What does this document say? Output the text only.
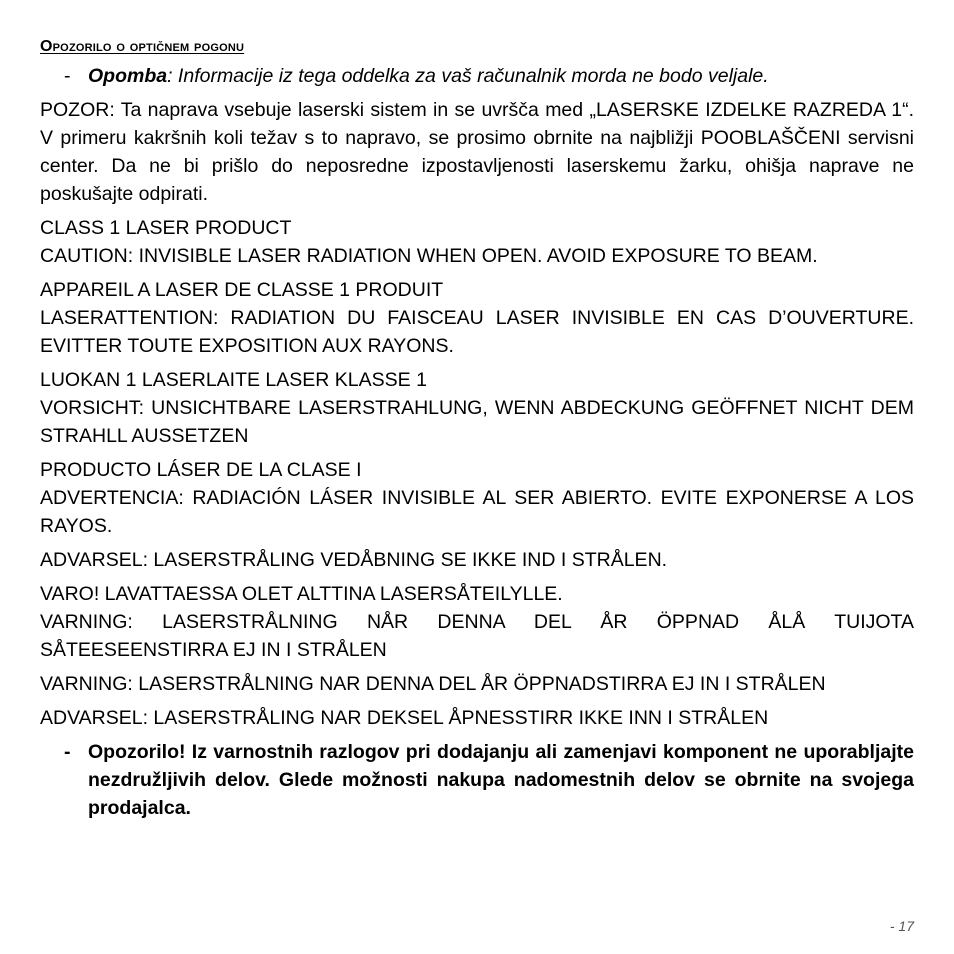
Opozorilo o optičnem pogonu
- Opomba: Informacije iz tega oddelka za vaš računalnik morda ne bodo veljale.

POZOR: Ta naprava vsebuje laserski sistem in se uvršča med „LASERSKE IZDELKE RAZREDA 1“. V primeru kakršnih koli težav s to napravo, se prosimo obrnite na najbližji POOBLAŠČENI servisni center. Da ne bi prišlo do neposredne izpostavljenosti laserskemu žarku, ohišja naprave ne poskušajte odpirati.

CLASS 1 LASER PRODUCT
CAUTION: INVISIBLE LASER RADIATION WHEN OPEN. AVOID EXPOSURE TO BEAM.

APPAREIL A LASER DE CLASSE 1 PRODUIT
LASERATTENTION: RADIATION DU FAISCEAU LASER INVISIBLE EN CAS D’OUVERTURE. EVITTER TOUTE EXPOSITION AUX RAYONS.

LUOKAN 1 LASERLAITE LASER KLASSE 1
VORSICHT: UNSICHTBARE LASERSTRAHLUNG, WENN ABDECKUNG GEÖFFNET NICHT DEM STRAHLL AUSSETZEN

PRODUCTO LÁSER DE LA CLASE I
ADVERTENCIA: RADIACIÓN LÁSER INVISIBLE AL SER ABIERTO. EVITE EXPONERSE A LOS RAYOS.

ADVARSEL: LASERSTRÅLING VEDÅBNING SE IKKE IND I STRÅLEN.

VARO! LAVATTAESSA OLET ALTTINA LASERSÅTEILYLLE.
VARNING: LASERSTRÅLNING NÅR DENNA DEL ÅR ÖPPNAD ÅLÅ TUIJOTA SÅTEESEENSTIRRA EJ IN I STRÅLEN

VARNING: LASERSTRÅLNING NAR DENNA DEL ÅR ÖPPNADSTIRRA EJ IN I STRÅLEN

ADVARSEL: LASERSTRÅLING NAR DEKSEL ÅPNESSTIRR IKKE INN I STRÅLEN

- Opozorilo! Iz varnostnih razlogov pri dodajanju ali zamenjavi komponent ne uporabljajte nezdružljivih delov. Glede možnosti nakupa nadomestnih delov se obrnite na svojega prodajalca.
- 17
